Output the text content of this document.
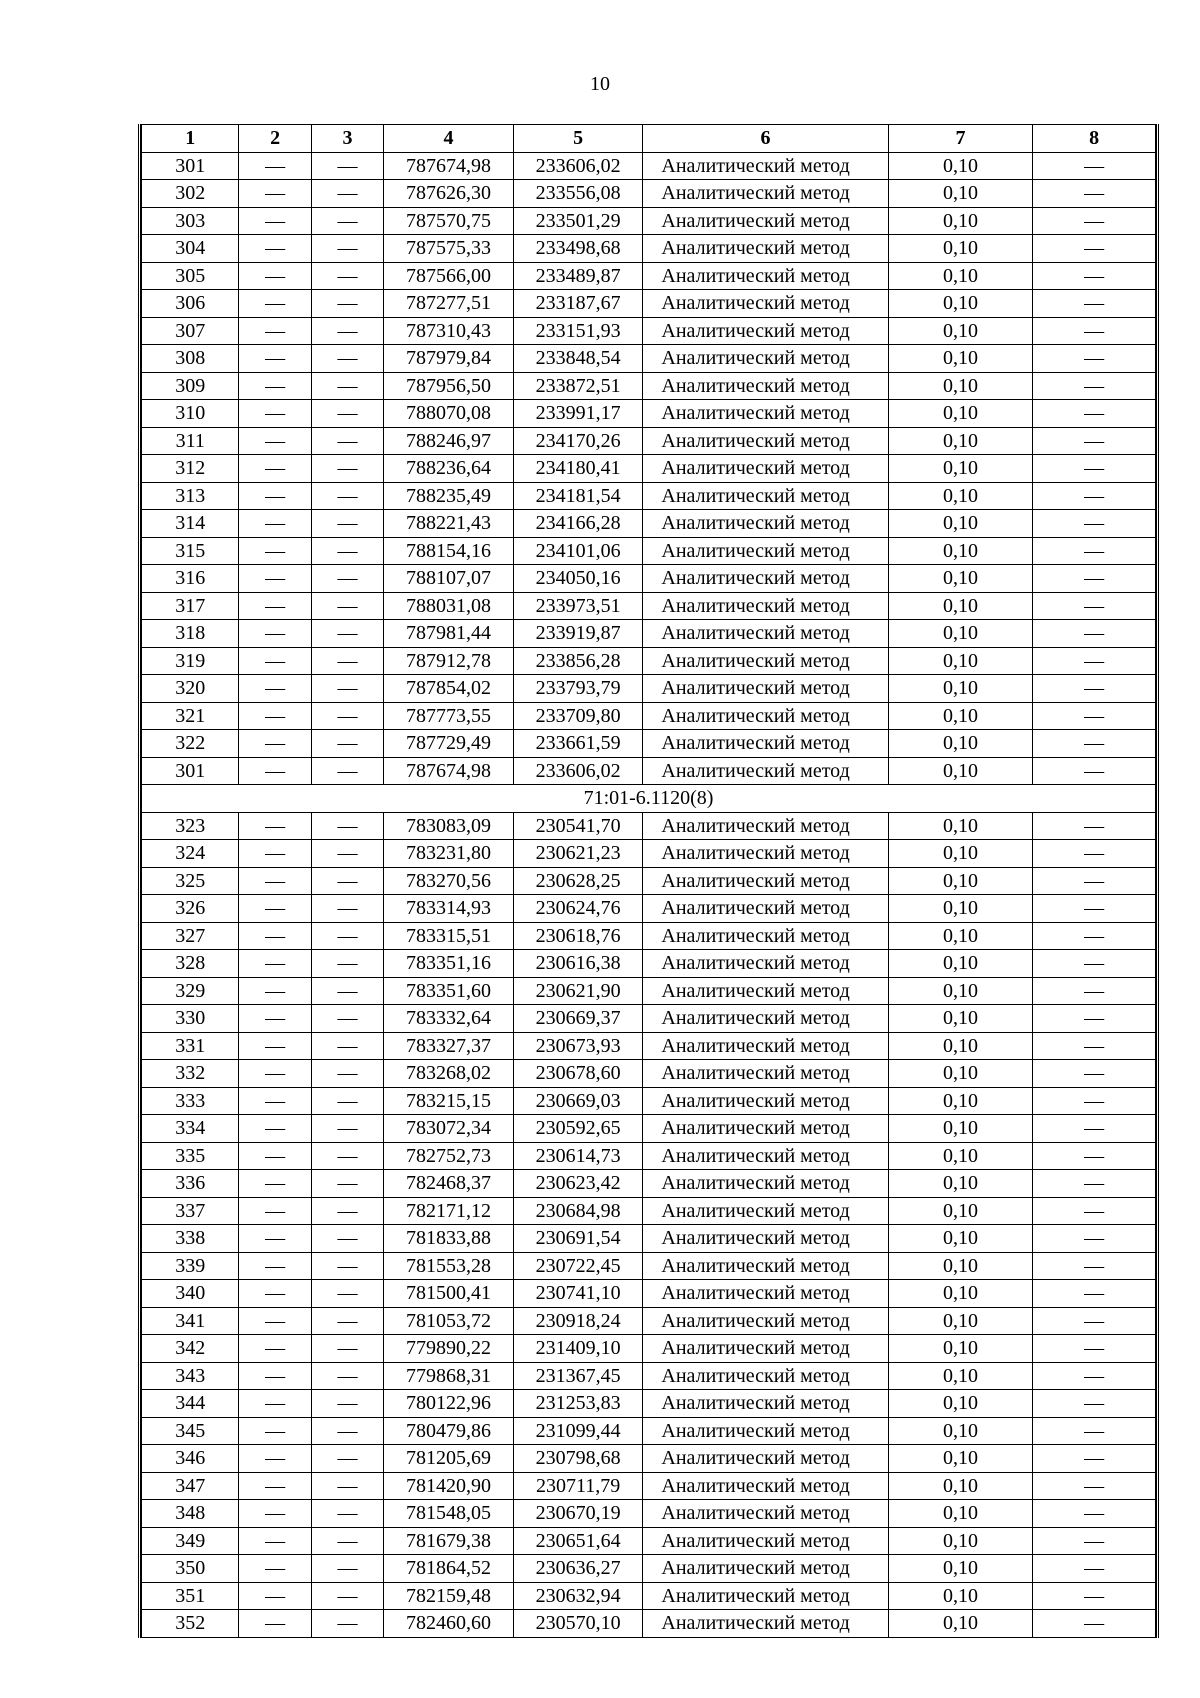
10
1	2	3	4	5	6	7	8
301	—	—	787674,98	233606,02	Аналитический метод	0,10	—
302	—	—	787626,30	233556,08	Аналитический метод	0,10	—
303	—	—	787570,75	233501,29	Аналитический метод	0,10	—
304	—	—	787575,33	233498,68	Аналитический метод	0,10	—
305	—	—	787566,00	233489,87	Аналитический метод	0,10	—
306	—	—	787277,51	233187,67	Аналитический метод	0,10	—
307	—	—	787310,43	233151,93	Аналитический метод	0,10	—
308	—	—	787979,84	233848,54	Аналитический метод	0,10	—
309	—	—	787956,50	233872,51	Аналитический метод	0,10	—
310	—	—	788070,08	233991,17	Аналитический метод	0,10	—
311	—	—	788246,97	234170,26	Аналитический метод	0,10	—
312	—	—	788236,64	234180,41	Аналитический метод	0,10	—
313	—	—	788235,49	234181,54	Аналитический метод	0,10	—
314	—	—	788221,43	234166,28	Аналитический метод	0,10	—
315	—	—	788154,16	234101,06	Аналитический метод	0,10	—
316	—	—	788107,07	234050,16	Аналитический метод	0,10	—
317	—	—	788031,08	233973,51	Аналитический метод	0,10	—
318	—	—	787981,44	233919,87	Аналитический метод	0,10	—
319	—	—	787912,78	233856,28	Аналитический метод	0,10	—
320	—	—	787854,02	233793,79	Аналитический метод	0,10	—
321	—	—	787773,55	233709,80	Аналитический метод	0,10	—
322	—	—	787729,49	233661,59	Аналитический метод	0,10	—
301	—	—	787674,98	233606,02	Аналитический метод	0,10	—
71:01-6.1120(8)							
323	—	—	783083,09	230541,70	Аналитический метод	0,10	—
324	—	—	783231,80	230621,23	Аналитический метод	0,10	—
325	—	—	783270,56	230628,25	Аналитический метод	0,10	—
326	—	—	783314,93	230624,76	Аналитический метод	0,10	—
327	—	—	783315,51	230618,76	Аналитический метод	0,10	—
328	—	—	783351,16	230616,38	Аналитический метод	0,10	—
329	—	—	783351,60	230621,90	Аналитический метод	0,10	—
330	—	—	783332,64	230669,37	Аналитический метод	0,10	—
331	—	—	783327,37	230673,93	Аналитический метод	0,10	—
332	—	—	783268,02	230678,60	Аналитический метод	0,10	—
333	—	—	783215,15	230669,03	Аналитический метод	0,10	—
334	—	—	783072,34	230592,65	Аналитический метод	0,10	—
335	—	—	782752,73	230614,73	Аналитический метод	0,10	—
336	—	—	782468,37	230623,42	Аналитический метод	0,10	—
337	—	—	782171,12	230684,98	Аналитический метод	0,10	—
338	—	—	781833,88	230691,54	Аналитический метод	0,10	—
339	—	—	781553,28	230722,45	Аналитический метод	0,10	—
340	—	—	781500,41	230741,10	Аналитический метод	0,10	—
341	—	—	781053,72	230918,24	Аналитический метод	0,10	—
342	—	—	779890,22	231409,10	Аналитический метод	0,10	—
343	—	—	779868,31	231367,45	Аналитический метод	0,10	—
344	—	—	780122,96	231253,83	Аналитический метод	0,10	—
345	—	—	780479,86	231099,44	Аналитический метод	0,10	—
346	—	—	781205,69	230798,68	Аналитический метод	0,10	—
347	—	—	781420,90	230711,79	Аналитический метод	0,10	—
348	—	—	781548,05	230670,19	Аналитический метод	0,10	—
349	—	—	781679,38	230651,64	Аналитический метод	0,10	—
350	—	—	781864,52	230636,27	Аналитический метод	0,10	—
351	—	—	782159,48	230632,94	Аналитический метод	0,10	—
352	—	—	782460,60	230570,10	Аналитический метод	0,10	—
